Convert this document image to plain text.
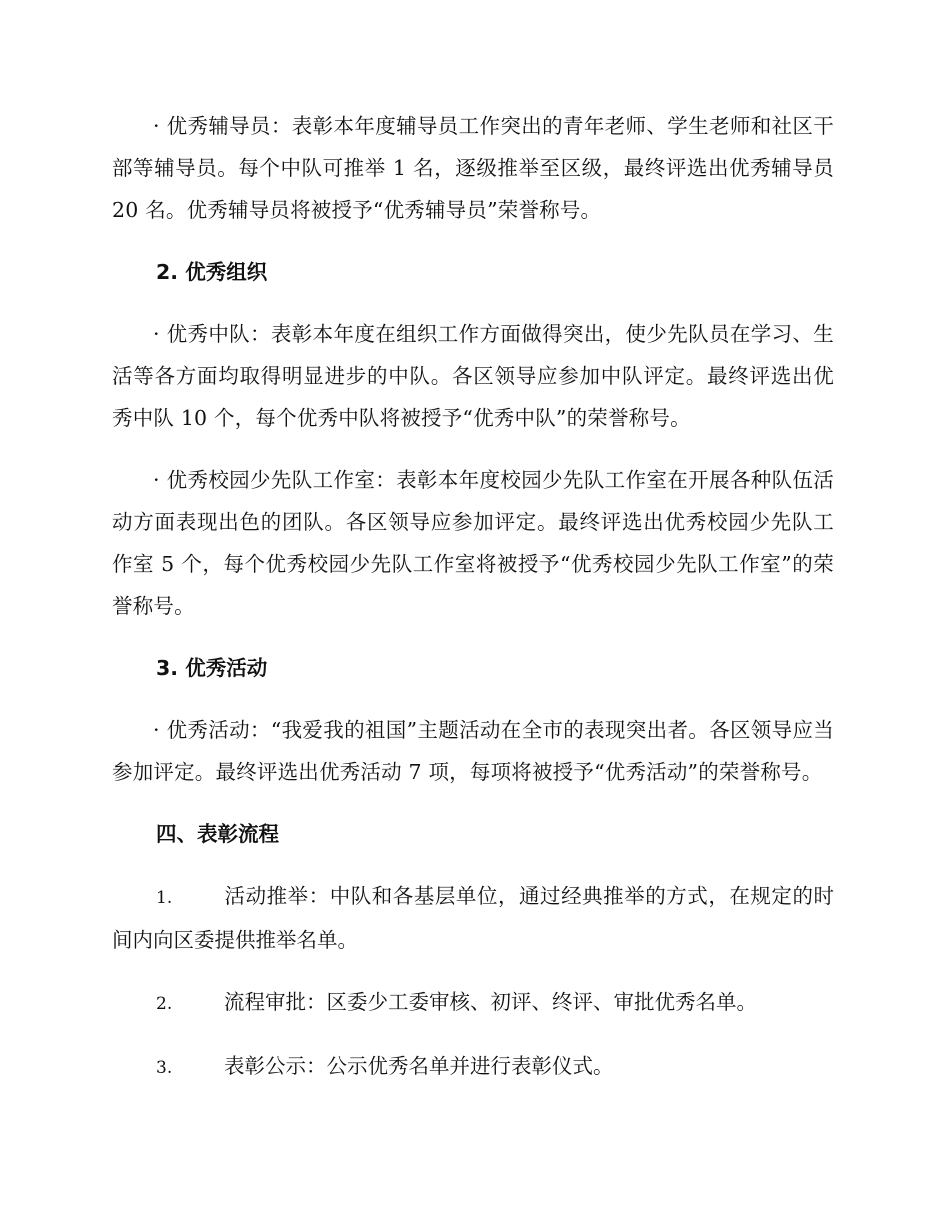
· 优秀辅导员：表彰本年度辅导员工作突出的青年老师、学生老师和社区干部等辅导员。每个中队可推举 1 名，逐级推举至区级，最终评选出优秀辅导员 20 名。优秀辅导员将被授予“优秀辅导员”荣誉称号。

2. 优秀组织

· 优秀中队：表彰本年度在组织工作方面做得突出，使少先队员在学习、生活等各方面均取得明显进步的中队。各区领导应参加中队评定。最终评选出优秀中队 10 个，每个优秀中队将被授予“优秀中队”的荣誉称号。

· 优秀校园少先队工作室：表彰本年度校园少先队工作室在开展各种队伍活动方面表现出色的团队。各区领导应参加评定。最终评选出优秀校园少先队工作室 5 个，每个优秀校园少先队工作室将被授予“优秀校园少先队工作室”的荣誉称号。

3. 优秀活动

· 优秀活动：“我爱我的祖国”主题活动在全市的表现突出者。各区领导应当参加评定。最终评选出优秀活动 7 项，每项将被授予“优秀活动”的荣誉称号。

四、表彰流程

1.	活动推举：中队和各基层单位，通过经典推举的方式，在规定的时间内向区委提供推举名单。

2.	流程审批：区委少工委审核、初评、终评、审批优秀名单。

3.	表彰公示：公示优秀名单并进行表彰仪式。
